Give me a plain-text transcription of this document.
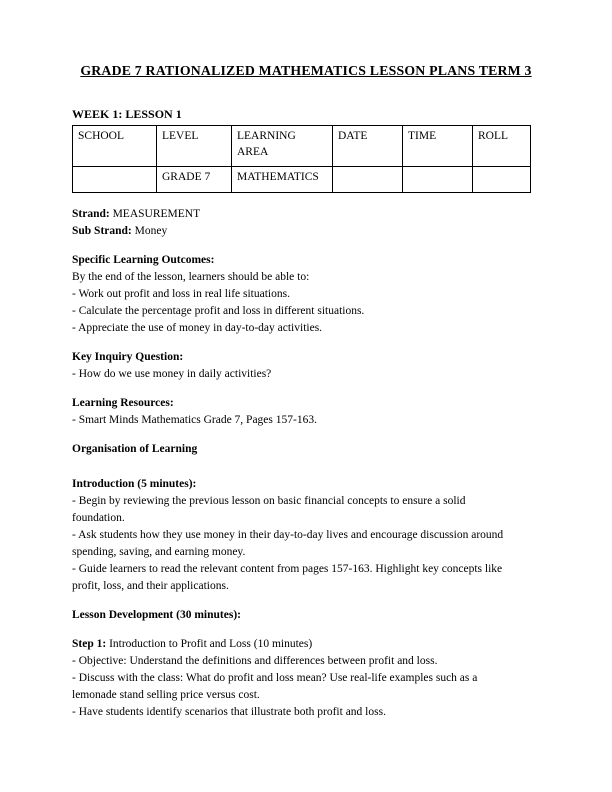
GRADE 7 RATIONALIZED MATHEMATICS LESSON PLANS TERM 3
WEEK 1: LESSON 1
SCHOOL	LEVEL	LEARNING AREA	DATE	TIME	ROLL
	GRADE 7	MATHEMATICS			

Strand: MEASUREMENT

Sub Strand: Money

Specific Learning Outcomes:

By the end of the lesson, learners should be able to:

- Work out profit and loss in real life situations.

- Calculate the percentage profit and loss in different situations.

- Appreciate the use of money in day-to-day activities.

Key Inquiry Question:

- How do we use money in daily activities?

Learning Resources:

- Smart Minds Mathematics Grade 7, Pages 157-163.

Organisation of Learning

Introduction (5 minutes):

- Begin by reviewing the previous lesson on basic financial concepts to ensure a solid

foundation.

- Ask students how they use money in their day-to-day lives and encourage discussion around

spending, saving, and earning money.

- Guide learners to read the relevant content from pages 157-163. Highlight key concepts like

profit, loss, and their applications.

Lesson Development (30 minutes):

Step 1: Introduction to Profit and Loss (10 minutes)

- Objective: Understand the definitions and differences between profit and loss.

- Discuss with the class: What do profit and loss mean? Use real-life examples such as a

lemonade stand selling price versus cost.

- Have students identify scenarios that illustrate both profit and loss.
